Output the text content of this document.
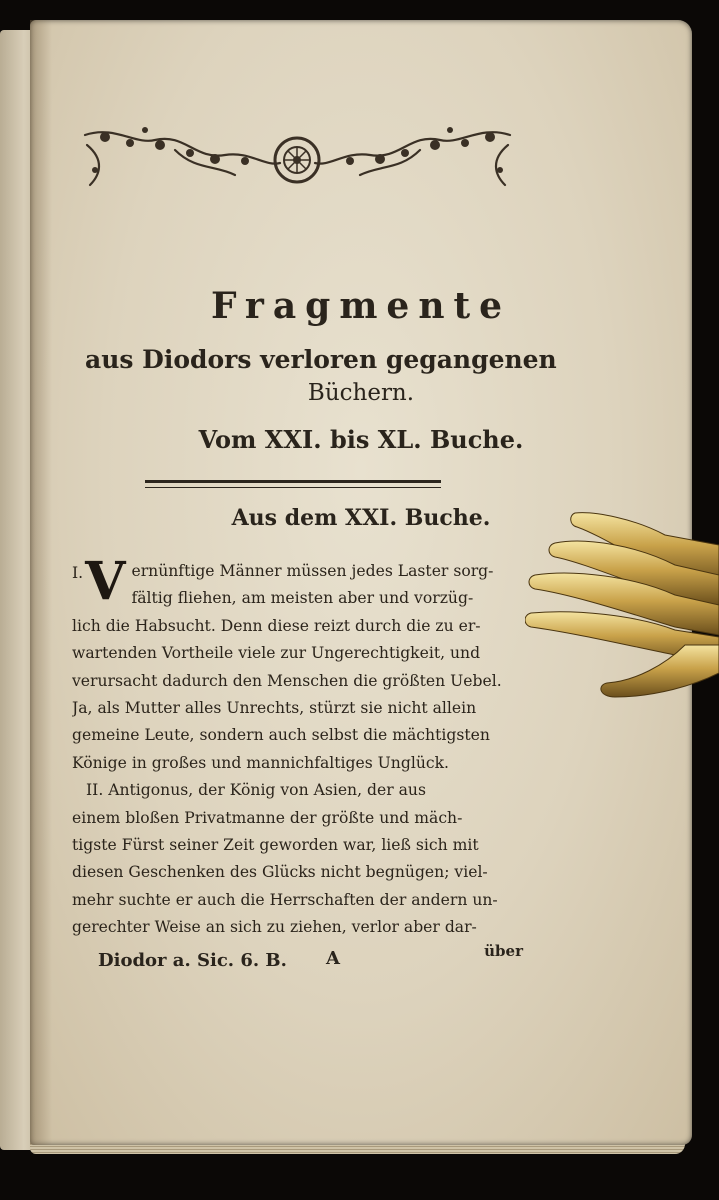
Fragmente
aus Diodors verloren gegangenen
Büchern.
Vom XXI. bis XL. Buche.
Aus dem XXI. Buche.
I. V ernünftige Männer müssen jedes Laster sorg-
fältig fliehen, am meisten aber und vorzüg-
lich die Habsucht. Denn diese reizt durch die zu er-
wartenden Vortheile viele zur Ungerechtigkeit, und
verursacht dadurch den Menschen die größten Uebel.
Ja, als Mutter alles Unrechts, stürzt sie nicht allein
gemeine Leute, sondern auch selbst die mächtigsten
Könige in großes und mannichfaltiges Unglück.
II. Antigonus, der König von Asien, der aus
einem bloßen Privatmanne der größte und mäch-
tigste Fürst seiner Zeit geworden war, ließ sich mit
diesen Geschenken des Glücks nicht begnügen; viel-
mehr suchte er auch die Herrschaften der andern un-
gerechter Weise an sich zu ziehen, verlor aber dar-
Diodor a. Sic. 6. B. A	über
